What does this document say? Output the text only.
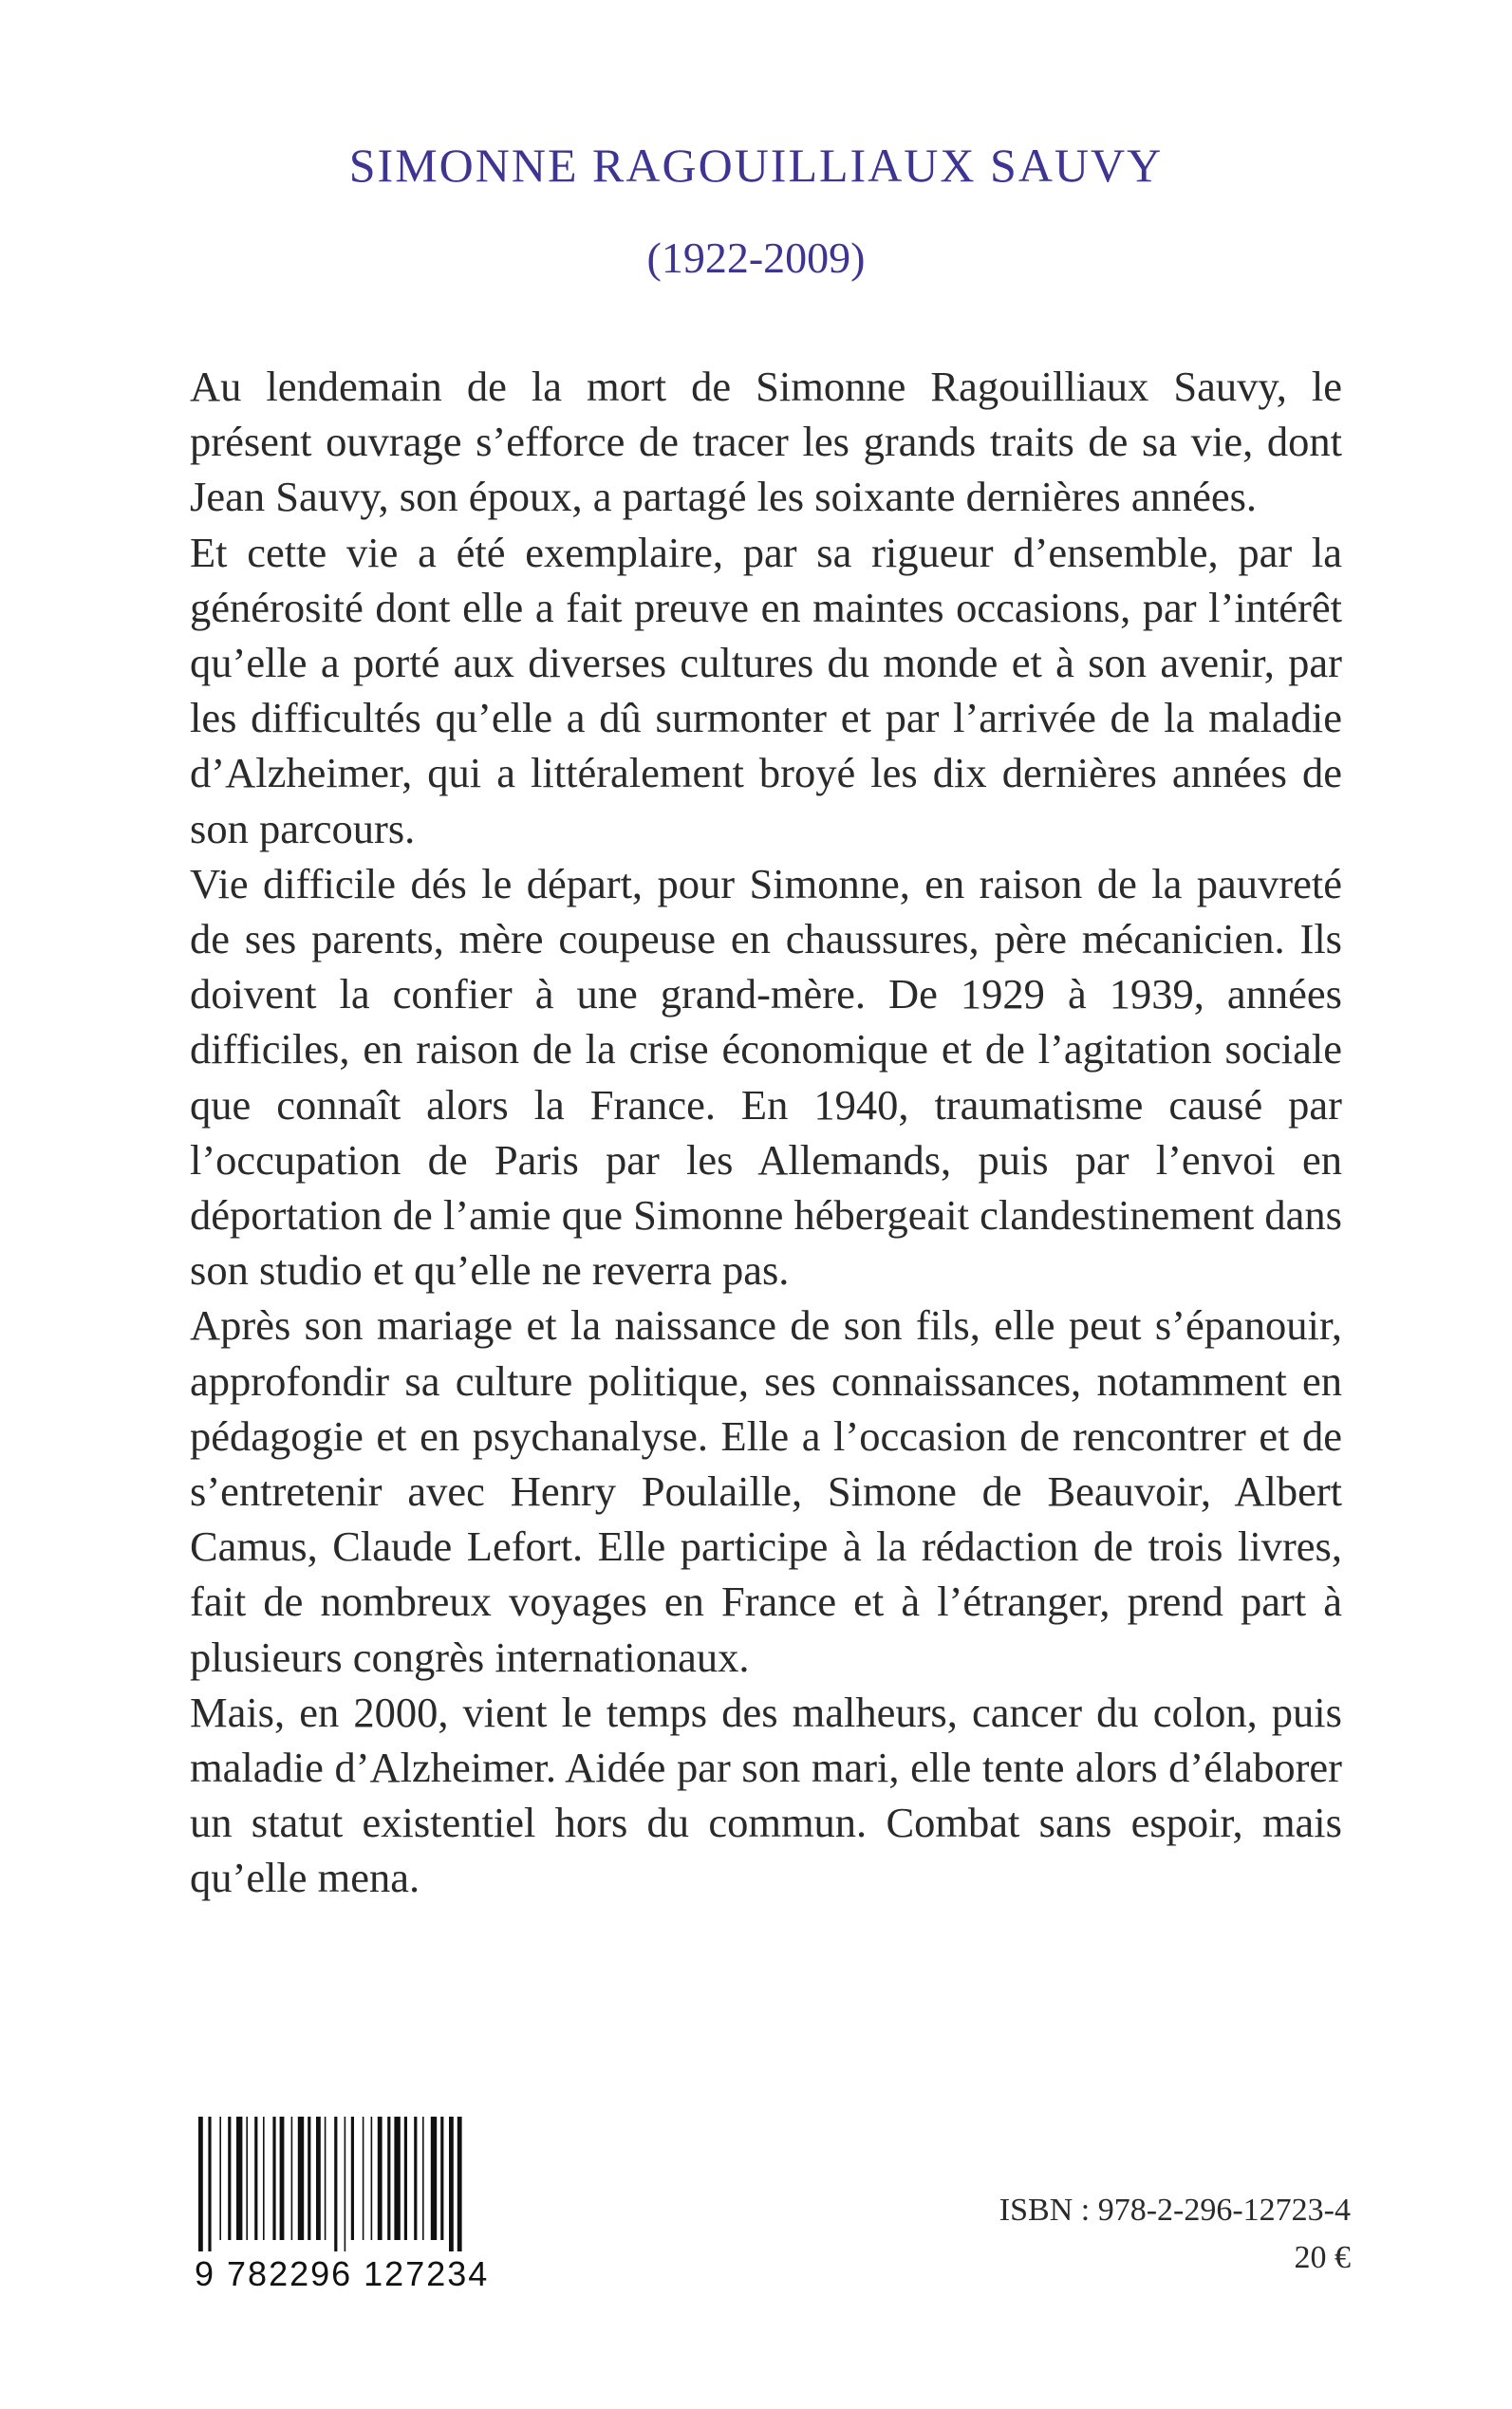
SIMONNE RAGOUILLIAUX SAUVY
(1922-2009)

Au lendemain de la mort de Simonne Ragouilliaux Sauvy, le présent ouvrage s’efforce de tracer les grands traits de sa vie, dont Jean Sauvy, son époux, a partagé les soixante dernières années.

Et cette vie a été exemplaire, par sa rigueur d’ensemble, par la générosité dont elle a fait preuve en maintes occasions, par l’intérêt qu’elle a porté aux diverses cultures du monde et à son avenir, par les difficultés qu’elle a dû surmonter et par l’arrivée de la maladie d’Alzheimer, qui a littéralement broyé les dix dernières années de son parcours.

Vie difficile dés le départ, pour Simonne, en raison de la pauvreté de ses parents, mère coupeuse en chaussures, père mécanicien. Ils doivent la confier à une grand-mère. De 1929 à 1939, années difficiles, en raison de la crise économique et de l’agitation sociale que connaît alors la France. En 1940, traumatisme causé par l’occupation de Paris par les Allemands, puis par l’envoi en déportation de l’amie que Simonne hébergeait clandestinement dans son studio et qu’elle ne reverra pas.

Après son mariage et la naissance de son fils, elle peut s’épanouir, approfondir sa culture politique, ses connaissances, notamment en pédagogie et en psychanalyse. Elle a l’occasion de rencontrer et de s’entretenir avec Henry Poulaille, Simone de Beauvoir, Albert Camus, Claude Lefort. Elle participe à la rédaction de trois livres, fait de nombreux voyages en France et à l’étranger, prend part à plusieurs congrès internationaux.

Mais, en 2000, vient le temps des malheurs, cancer du colon, puis maladie d’Alzheimer. Aidée par son mari, elle tente alors d’élaborer un statut existentiel hors du commun. Combat sans espoir, mais qu’elle mena.

9 782296 127234
ISBN : 978-2-296-12723-4
20 €
